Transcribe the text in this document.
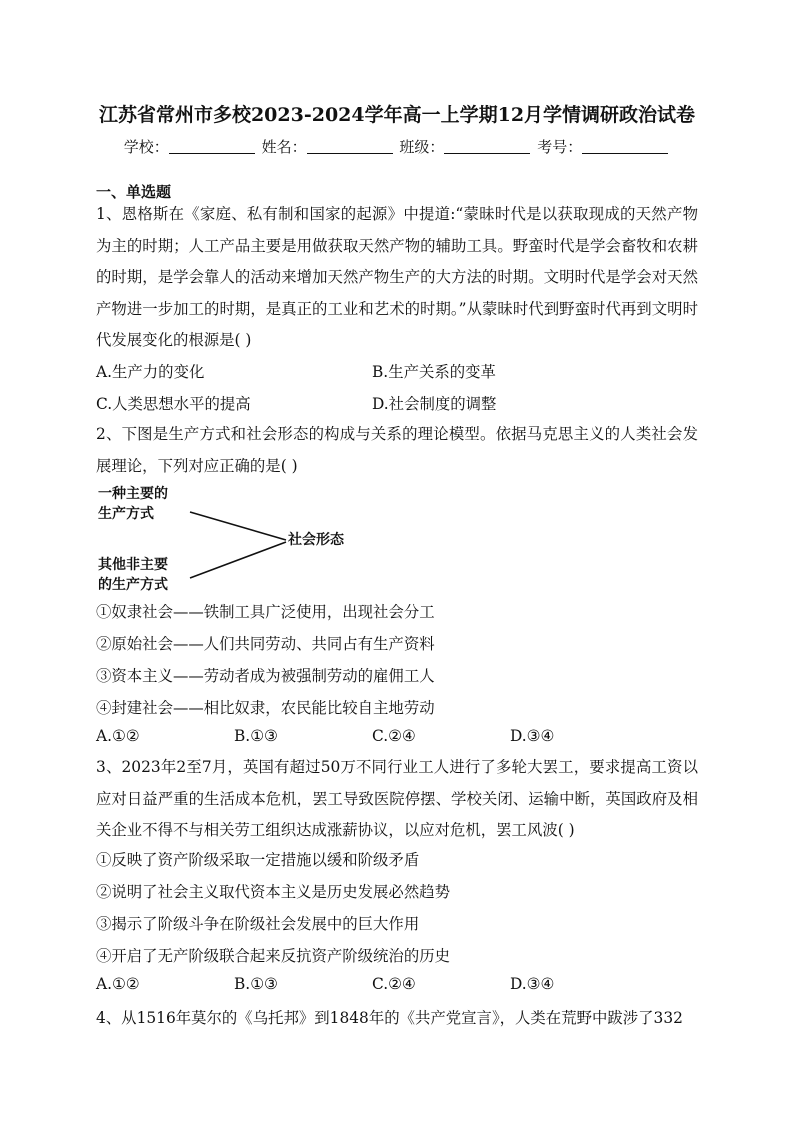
江苏省常州市多校2023-2024学年高一上学期12月学情调研政治试卷
学校：	姓名：	班级：	考号：
一、单选题
1、恩格斯在《家庭、私有制和国家的起源》中提道:“蒙昧时代是以获取现成的天然产物为主的时期；人工产品主要是用做获取天然产物的辅助工具。野蛮时代是学会畜牧和农耕的时期，是学会靠人的活动来增加天然产物生产的大方法的时期。文明时代是学会对天然产物进一步加工的时期，是真正的工业和艺术的时期。”从蒙昧时代到野蛮时代再到文明时代发展变化的根源是( )
A.生产力的变化	B.生产关系的变革
C.人类思想水平的提高	D.社会制度的调整
2、下图是生产方式和社会形态的构成与关系的理论模型。依据马克思主义的人类社会发展理论，下列对应正确的是( )
一种主要的
生产方式
其他非主要
的生产方式
社会形态
①奴隶社会——铁制工具广泛使用，出现社会分工
②原始社会——人们共同劳动、共同占有生产资料
③资本主义——劳动者成为被强制劳动的雇佣工人
④封建社会——相比奴隶，农民能比较自主地劳动
A.①②	B.①③	C.②④	D.③④
3、2023年2至7月，英国有超过50万不同行业工人进行了多轮大罢工，要求提高工资以应对日益严重的生活成本危机，罢工导致医院停摆、学校关闭、运输中断，英国政府及相关企业不得不与相关劳工组织达成涨薪协议，以应对危机，罢工风波( )
①反映了资产阶级采取一定措施以缓和阶级矛盾
②说明了社会主义取代资本主义是历史发展必然趋势
③揭示了阶级斗争在阶级社会发展中的巨大作用
④开启了无产阶级联合起来反抗资产阶级统治的历史
A.①②	B.①③	C.②④	D.③④
4、从1516年莫尔的《乌托邦》到1848年的《共产党宣言》，人类在荒野中跋涉了332
